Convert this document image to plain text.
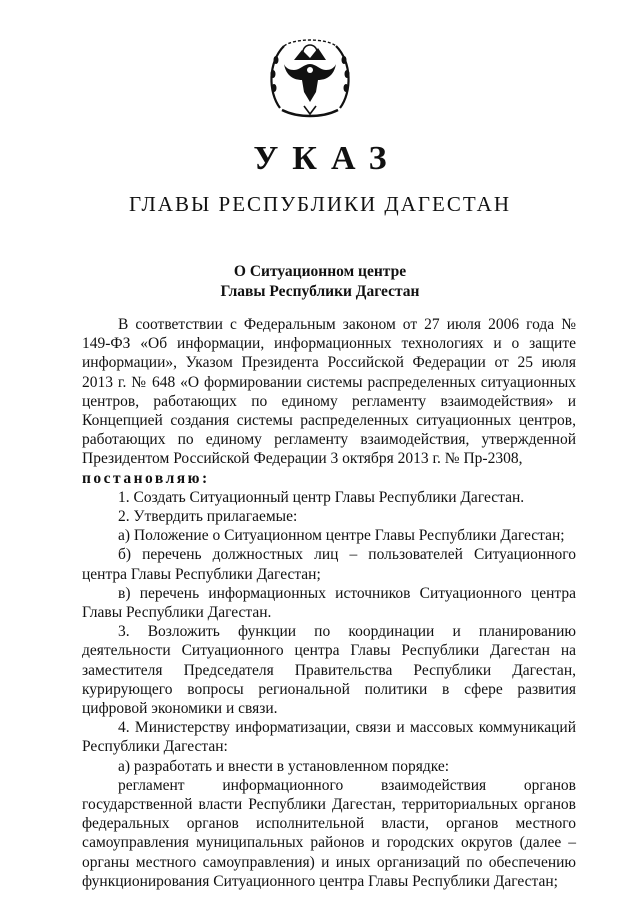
УКАЗ
ГЛАВЫ РЕСПУБЛИКИ ДАГЕСТАН
О Ситуационном центре
Главы Республики Дагестан

В соответствии с Федеральным законом от 27 июля 2006 года № 149-ФЗ «Об информации, информационных технологиях и о защите информации», Указом Президента Российской Федерации от 25 июля 2013 г. № 648 «О формировании системы распределенных ситуационных центров, работающих по единому регламенту взаимодействия» и Концепцией создания системы распределенных ситуационных центров, работающих по единому регламенту взаимодействия, утвержденной Президентом Российской Федерации 3 октября 2013 г. № Пр-2308,

постановляю:

1. Создать Ситуационный центр Главы Республики Дагестан.

2. Утвердить прилагаемые:

а) Положение о Ситуационном центре Главы Республики Дагестан;

б) перечень должностных лиц – пользователей Ситуационного центра Главы Республики Дагестан;

в) перечень информационных источников Ситуационного центра Главы Республики Дагестан.

3. Возложить функции по координации и планированию деятельности Ситуационного центра Главы Республики Дагестан на заместителя Председателя Правительства Республики Дагестан, курирующего вопросы региональной политики в сфере развития цифровой экономики и связи.

4. Министерству информатизации, связи и массовых коммуникаций Республики Дагестан:

а) разработать и внести в установленном порядке:

регламент информационного взаимодействия органов государственной власти Республики Дагестан, территориальных органов федеральных органов исполнительной власти, органов местного самоуправления муниципальных районов и городских округов (далее – органы местного самоуправления) и иных организаций по обеспечению функционирования Ситуационного центра Главы Республики Дагестан;
